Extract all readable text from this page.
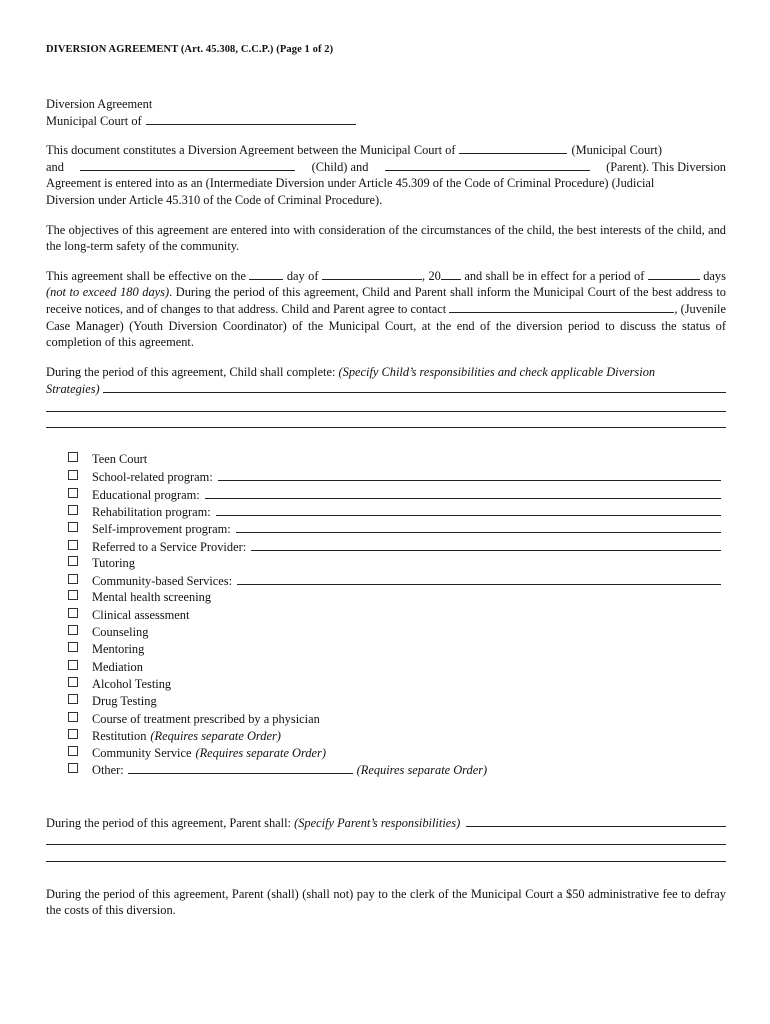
DIVERSION AGREEMENT (Art. 45.308, C.C.P.) (Page 1 of 2)
Diversion Agreement
Municipal Court of
This document constitutes a Diversion Agreement between the Municipal Court of	(Municipal Court)
and	(Child) and	(Parent). This Diversion
Agreement is entered into as an (Intermediate Diversion under Article 45.309 of the Code of Criminal Procedure) (Judicial
Diversion under Article 45.310 of the Code of Criminal Procedure).
The objectives of this agreement are entered into with consideration of the circumstances of the child, the best interests of the child, and the long-term safety of the community.
This agreement shall be effective on the	day of	, 20 and shall be in effect for a period of	days (not to exceed 180 days). During the period of this agreement, Child and Parent shall inform the Municipal Court of the best address to receive notices, and of changes to that address. Child and Parent agree to contact	, (Juvenile Case Manager) (Youth Diversion Coordinator) of the Municipal Court, at the end of the diversion period to discuss the status of completion of this agreement.
During the period of this agreement, Child shall complete:
(Specify Child’s responsibilities and check applicable Diversion
Strategies)
Teen Court
School-related program:
Educational program:
Rehabilitation program:
Self-improvement program:
Referred to a Service Provider:
Tutoring
Community-based Services:
Mental health screening
Clinical assessment
Counseling
Mentoring
Mediation
Alcohol Testing
Drug Testing
Course of treatment prescribed by a physician
Restitution (Requires separate Order)
Community Service (Requires separate Order)
Other:	(Requires separate Order)
During the period of this agreement, Parent shall:
(Specify Parent’s responsibilities)
During the period of this agreement, Parent (shall) (shall not) pay to the clerk of the Municipal Court a $50 administrative fee to defray the costs of this diversion.
